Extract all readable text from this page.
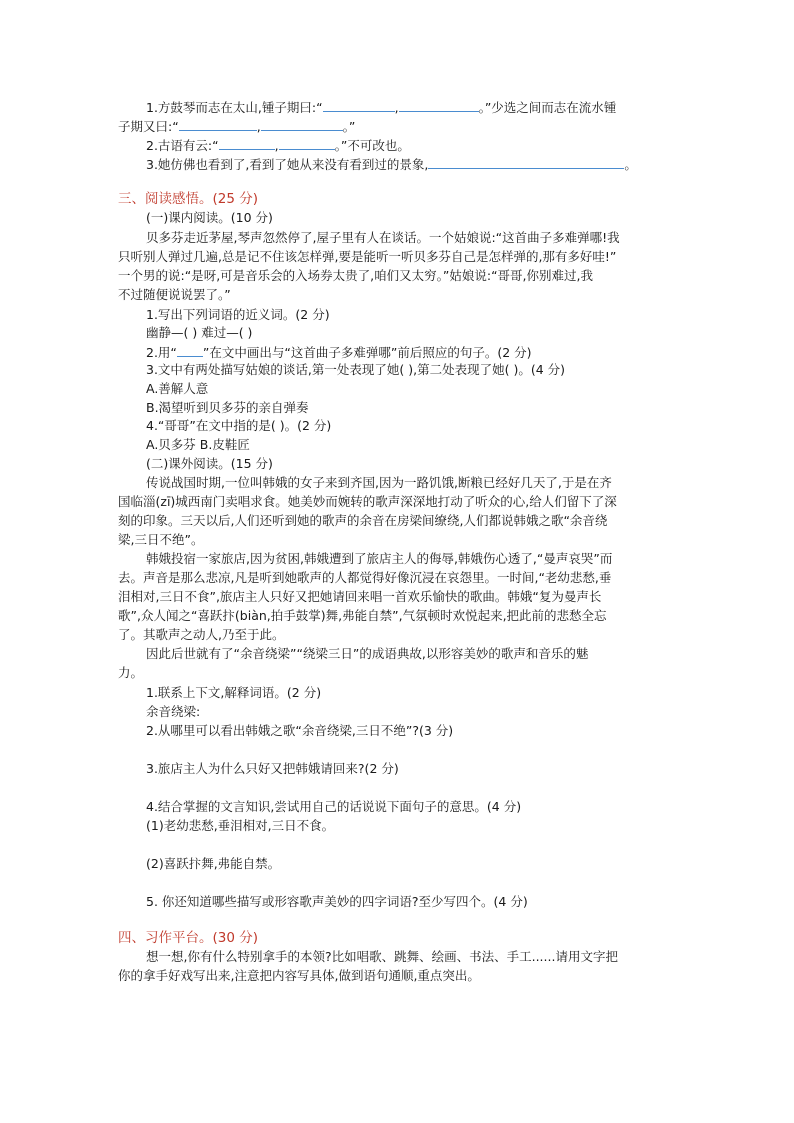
1.方鼓琴而志在太山,锺子期曰:“	,	。”少选之间而志在流水锺
子期又曰:“	,	。”
2.古语有云:“	,	。”不可改也。
3.她仿佛也看到了,看到了她从来没有看到过的景象,	。
三、阅读感悟。(25 分)
(一)课内阅读。(10 分)
贝多芬走近茅屋,琴声忽然停了,屋子里有人在谈话。一个姑娘说:“这首曲子多难弹哪!我
只听别人弹过几遍,总是记不住该怎样弹,要是能听一听贝多芬自己是怎样弹的,那有多好哇!”
一个男的说:“是呀,可是音乐会的入场券太贵了,咱们又太穷。”姑娘说:“哥哥,你别难过,我
不过随便说说罢了。”
1.写出下列词语的近义词。(2 分)
幽静—( ) 难过—( )
2.用“ ”在文中画出与“这首曲子多难弹哪”前后照应的句子。(2 分)
3.文中有两处描写姑娘的谈话,第一处表现了她( ),第二处表现了她( )。(4 分)
A.善解人意
B.渴望听到贝多芬的亲自弹奏
4.“哥哥”在文中指的是( )。(2 分)
A.贝多芬 B.皮鞋匠
(二)课外阅读。(15 分)
传说战国时期,一位叫韩娥的女子来到齐国,因为一路饥饿,断粮已经好几天了,于是在齐
国临淄(zī)城西南门卖唱求食。她美妙而婉转的歌声深深地打动了听众的心,给人们留下了深
刻的印象。三天以后,人们还听到她的歌声的余音在房梁间缭绕,人们都说韩娥之歌“余音绕
梁,三日不绝”。
韩娥投宿一家旅店,因为贫困,韩娥遭到了旅店主人的侮辱,韩娥伤心透了,“曼声哀哭”而
去。声音是那么悲凉,凡是听到她歌声的人都觉得好像沉浸在哀怨里。一时间,“老幼悲愁,垂
泪相对,三日不食”,旅店主人只好又把她请回来唱一首欢乐愉快的歌曲。韩娥“复为曼声长
歌”,众人闻之“喜跃抃(biàn,拍手鼓掌)舞,弗能自禁”,气氛顿时欢悦起来,把此前的悲愁全忘
了。其歌声之动人,乃至于此。
因此后世就有了“余音绕梁”“绕梁三日”的成语典故,以形容美妙的歌声和音乐的魅
力。
1.联系上下文,解释词语。(2 分)
余音绕梁:
2.从哪里可以看出韩娥之歌“余音绕梁,三日不绝”?(3 分)
3.旅店主人为什么只好又把韩娥请回来?(2 分)
4.结合掌握的文言知识,尝试用自己的话说说下面句子的意思。(4 分)
(1)老幼悲愁,垂泪相对,三日不食。
(2)喜跃抃舞,弗能自禁。
5. 你还知道哪些描写或形容歌声美妙的四字词语?至少写四个。(4 分)
四、习作平台。(30 分)
想一想,你有什么特别拿手的本领?比如唱歌、跳舞、绘画、书法、手工......请用文字把
你的拿手好戏写出来,注意把内容写具体,做到语句通顺,重点突出。
